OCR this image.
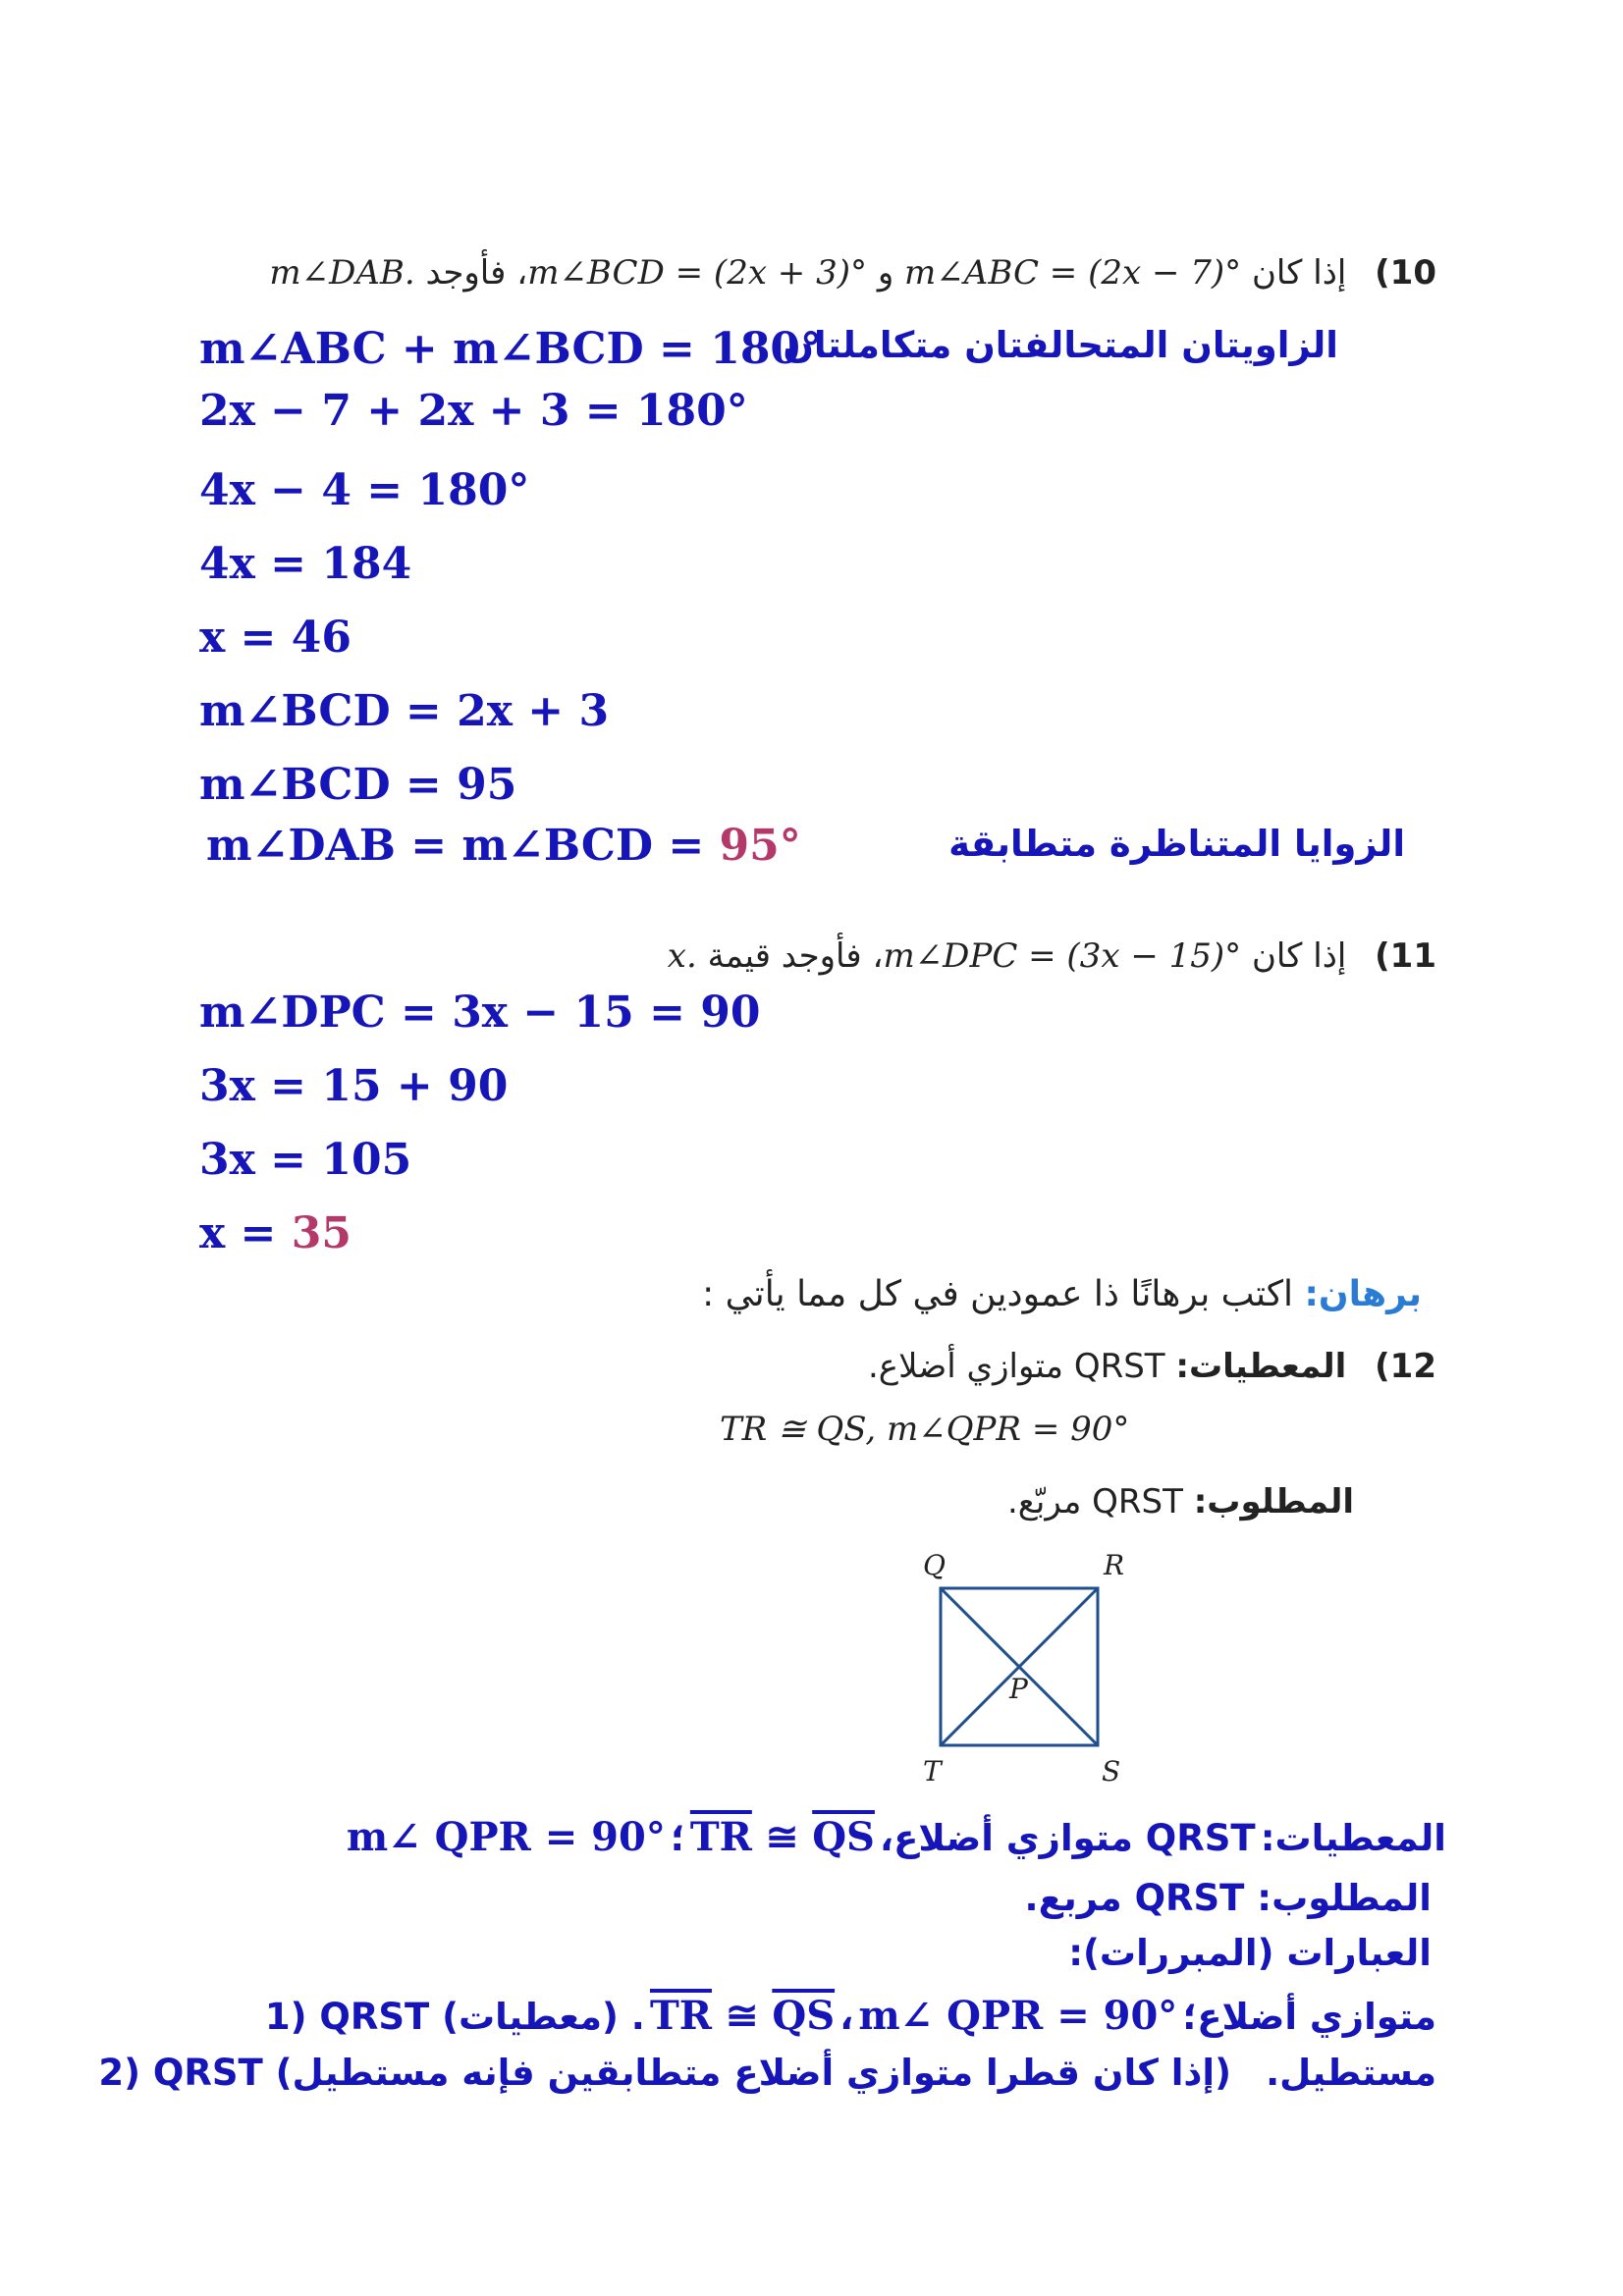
10) إذا كان m∠ABC = (2x − 7)° و m∠BCD = (2x + 3)°، فأوجد m∠DAB.
الزاويتان المتحالفتان متكاملتان
m∠ABC + m∠BCD = 180°
2x − 7 + 2x + 3 = 180°
4x − 4 = 180°
4x = 184
x = 46
m∠BCD = 2x + 3
m∠BCD = 95
m∠DAB = m∠BCD = 95°	الزوايا المتناظرة متطابقة
11) إذا كان m∠DPC = (3x − 15)°، فأوجد قيمة x.
m∠DPC = 3x − 15 = 90
3x = 15 + 90
3x = 105
x = 35
برهان: اكتب برهانًا ذا عمودين في كل مما يأتي :
12) المعطيات: QRST متوازي أضلاع.
TR ≅ QS, m∠QPR = 90°
المطلوب: QRST مربّع.
Q	R
T	S
P
المعطيات: QRST متوازي أضلاع، $\overline{TR}$ ≅ $\overline{QS}$ ؛ m∠ QPR = 90°
المطلوب: QRST مربع.
العبارات (المبررات):
1) QRST متوازي أضلاع؛ m∠ QPR = 90° ، $\overline{TR}$ ≅ $\overline{QS}$ . (معطيات)
2) QRST مستطيل. (إذا كان قطرا متوازي أضلاع متطابقين فإنه مستطيل)
